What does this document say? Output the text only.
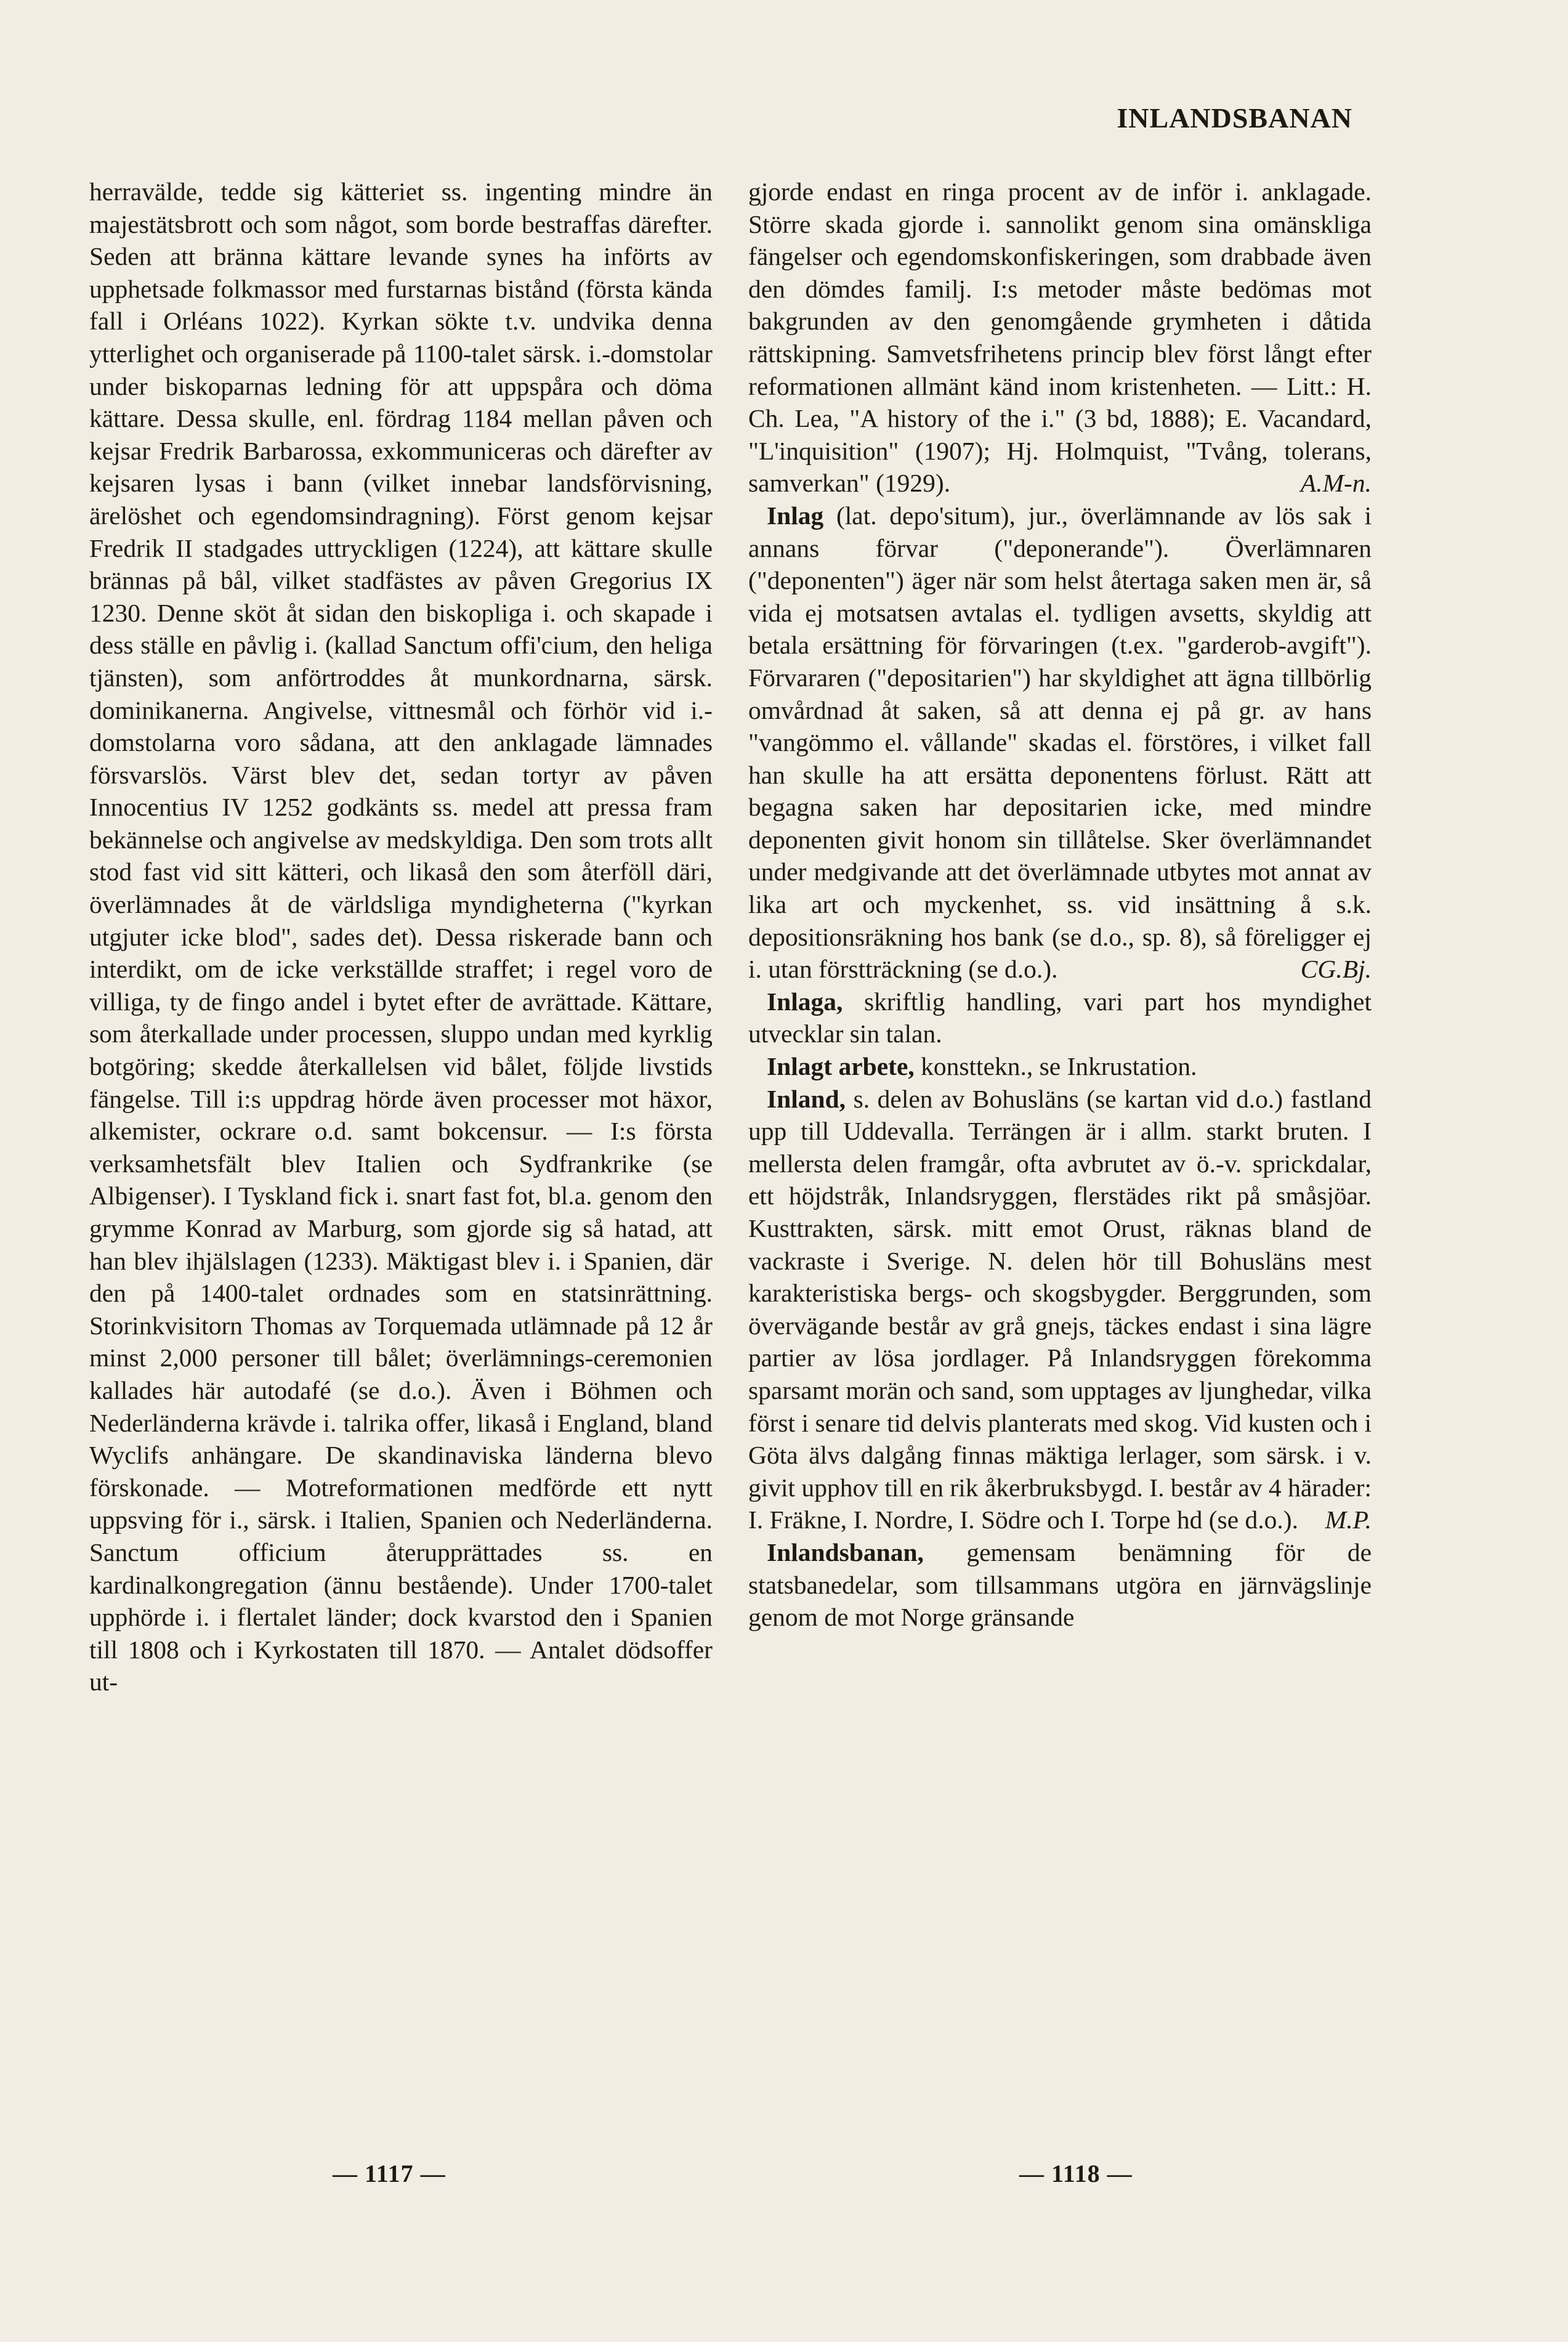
INLANDSBANAN

herravälde, tedde sig kätteriet ss. ingenting mindre än majestätsbrott och som något, som borde bestraffas därefter. Seden att bränna kättare levande synes ha införts av upphetsade folkmassor med furstarnas bistånd (första kända fall i Orléans 1022). Kyrkan sökte t.v. undvika denna ytterlighet och organiserade på 1100-talet särsk. i.-domstolar under biskoparnas ledning för att uppspåra och döma kättare. Dessa skulle, enl. fördrag 1184 mellan påven och kejsar Fredrik Barbarossa, exkommuniceras och därefter av kejsaren lysas i bann (vilket innebar landsförvisning, ärelöshet och egendomsindragning). Först genom kejsar Fredrik II stadgades uttryckligen (1224), att kättare skulle brännas på bål, vilket stadfästes av påven Gregorius IX 1230. Denne sköt åt sidan den biskopliga i. och skapade i dess ställe en påvlig i. (kallad Sanctum offi'cium, den heliga tjänsten), som anförtroddes åt munkordnarna, särsk. dominikanerna. Angivelse, vittnesmål och förhör vid i.-domstolarna voro sådana, att den anklagade lämnades försvarslös. Värst blev det, sedan tortyr av påven Innocentius IV 1252 godkänts ss. medel att pressa fram bekännelse och angivelse av medskyldiga. Den som trots allt stod fast vid sitt kätteri, och likaså den som återföll däri, överlämnades åt de världsliga myndigheterna ("kyrkan utgjuter icke blod", sades det). Dessa riskerade bann och interdikt, om de icke verkställde straffet; i regel voro de villiga, ty de fingo andel i bytet efter de avrättade. Kättare, som återkallade under processen, sluppo undan med kyrklig botgöring; skedde återkallelsen vid bålet, följde livstids fängelse. Till i:s uppdrag hörde även processer mot häxor, alkemister, ockrare o.d. samt bokcensur. — I:s första verksamhetsfält blev Italien och Sydfrankrike (se Albigenser). I Tyskland fick i. snart fast fot, bl.a. genom den grymme Konrad av Marburg, som gjorde sig så hatad, att han blev ihjälslagen (1233). Mäktigast blev i. i Spanien, där den på 1400-talet ordnades som en statsinrättning. Storinkvisitorn Thomas av Torquemada utlämnade på 12 år minst 2,000 personer till bålet; överlämnings-ceremonien kallades här autodafé (se d.o.). Även i Böhmen och Nederländerna krävde i. talrika offer, likaså i England, bland Wyclifs anhängare. De skandinaviska länderna blevo förskonade. — Motreformationen medförde ett nytt uppsving för i., särsk. i Italien, Spanien och Nederländerna. Sanctum officium återupprättades ss. en kardinalkongregation (ännu bestående). Under 1700-talet upphörde i. i flertalet länder; dock kvarstod den i Spanien till 1808 och i Kyrkostaten till 1870. — Antalet dödsoffer ut-

gjorde endast en ringa procent av de inför i. anklagade. Större skada gjorde i. sannolikt genom sina omänskliga fängelser och egendomskonfiskeringen, som drabbade även den dömdes familj. I:s metoder måste bedömas mot bakgrunden av den genomgående grymheten i dåtida rättskipning. Samvetsfrihetens princip blev först långt efter reformationen allmänt känd inom kristenheten. — Litt.: H. Ch. Lea, "A history of the i." (3 bd, 1888); E. Vacandard, "L'inquisition" (1907); Hj. Holmquist, "Tvång, tolerans, samverkan" (1929).	A.M-n.

Inlag (lat. depo'situm), jur., överlämnande av lös sak i annans förvar ("deponerande"). Överlämnaren ("deponenten") äger när som helst återtaga saken men är, så vida ej motsatsen avtalas el. tydligen avsetts, skyldig att betala ersättning för förvaringen (t.ex. "garderob-avgift"). Förvararen ("depositarien") har skyldighet att ägna tillbörlig omvårdnad åt saken, så att denna ej på gr. av hans "vangömmo el. vållande" skadas el. förstöres, i vilket fall han skulle ha att ersätta deponentens förlust. Rätt att begagna saken har depositarien icke, med mindre deponenten givit honom sin tillåtelse. Sker överlämnandet under medgivande att det överlämnade utbytes mot annat av lika art och myckenhet, ss. vid insättning å s.k. depositionsräkning hos bank (se d.o., sp. 8), så föreligger ej i. utan förstträckning (se d.o.).	CG.Bj.

Inlaga, skriftlig handling, vari part hos myndighet utvecklar sin talan.

Inlagt arbete, konsttekn., se Inkrustation.

Inland, s. delen av Bohusläns (se kartan vid d.o.) fastland upp till Uddevalla. Terrängen är i allm. starkt bruten. I mellersta delen framgår, ofta avbrutet av ö.-v. sprickdalar, ett höjdstråk, Inlandsryggen, flerstädes rikt på småsjöar. Kusttrakten, särsk. mitt emot Orust, räknas bland de vackraste i Sverige. N. delen hör till Bohusläns mest karakteristiska bergs- och skogsbygder. Berggrunden, som övervägande består av grå gnejs, täckes endast i sina lägre partier av lösa jordlager. På Inlandsryggen förekomma sparsamt morän och sand, som upptages av ljunghedar, vilka först i senare tid delvis planterats med skog. Vid kusten och i Göta älvs dalgång finnas mäktiga lerlager, som särsk. i v. givit upphov till en rik åkerbruksbygd. I. består av 4 härader: I. Fräkne, I. Nordre, I. Södre och I. Torpe hd (se d.o.).	M.P.

Inlandsbanan, gemensam benämning för de statsbanedelar, som tillsammans utgöra en järnvägslinje genom de mot Norge gränsande

— 1117 —	— 1118 —
